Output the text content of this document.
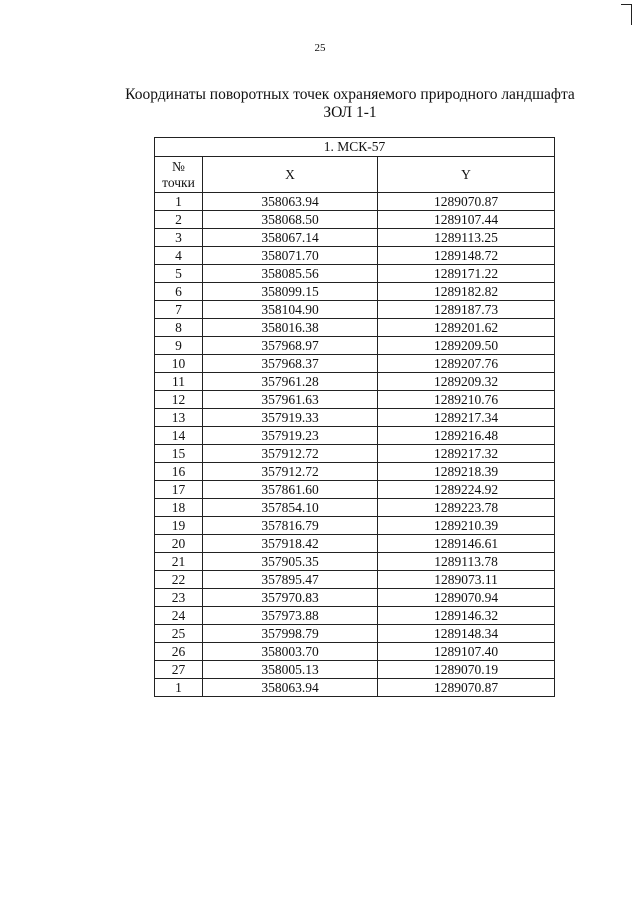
25
Координаты поворотных точек охраняемого природного ландшафта
ЗОЛ 1-1
1. МСК-57		

№
точки	X	Y
1	358063.94	1289070.87
2	358068.50	1289107.44
3	358067.14	1289113.25
4	358071.70	1289148.72
5	358085.56	1289171.22
6	358099.15	1289182.82
7	358104.90	1289187.73
8	358016.38	1289201.62
9	357968.97	1289209.50
10	357968.37	1289207.76
11	357961.28	1289209.32
12	357961.63	1289210.76
13	357919.33	1289217.34
14	357919.23	1289216.48
15	357912.72	1289217.32
16	357912.72	1289218.39
17	357861.60	1289224.92
18	357854.10	1289223.78
19	357816.79	1289210.39
20	357918.42	1289146.61
21	357905.35	1289113.78
22	357895.47	1289073.11
23	357970.83	1289070.94
24	357973.88	1289146.32
25	357998.79	1289148.34
26	358003.70	1289107.40
27	358005.13	1289070.19
1	358063.94	1289070.87
